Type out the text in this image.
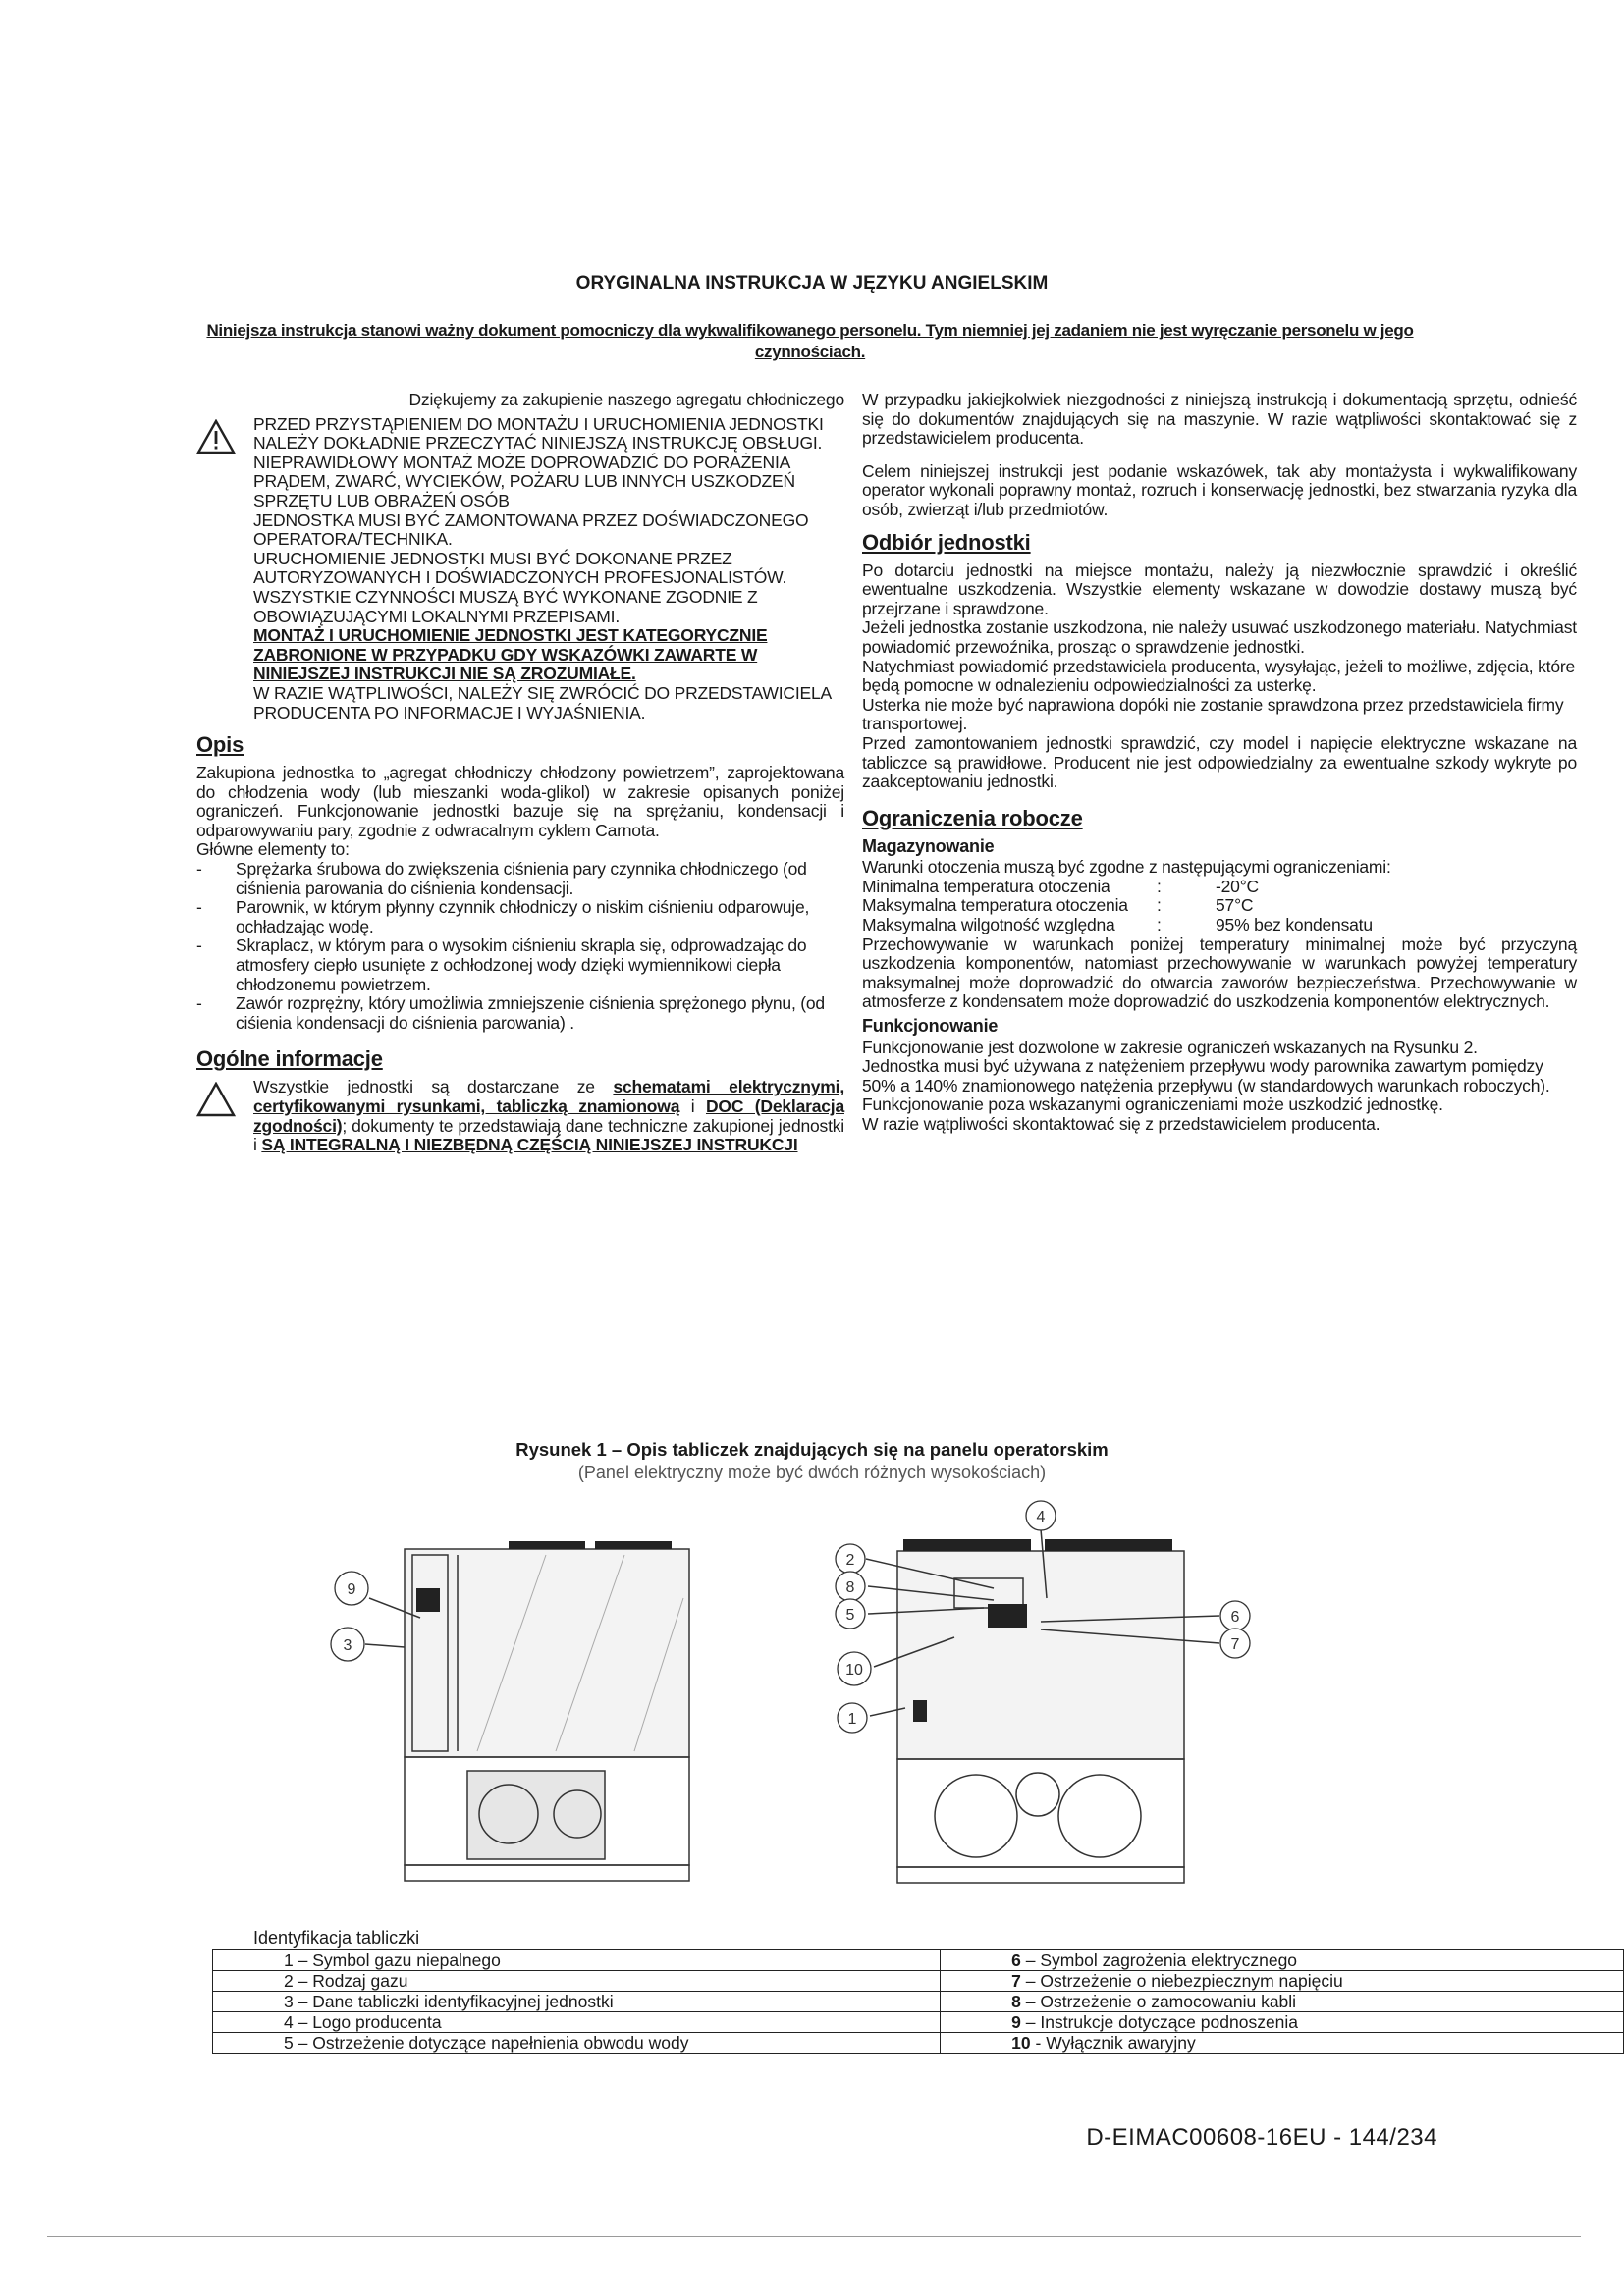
ORYGINALNA INSTRUKCJA W JĘZYKU ANGIELSKIM
Niniejsza instrukcja stanowi ważny dokument pomocniczy dla wykwalifikowanego personelu. Tym niemniej jej zadaniem nie jest wyręczanie personelu w jego czynnościach.

Dziękujemy za zakupienie naszego agregatu chłodniczego

PRZED PRZYSTĄPIENIEM DO MONTAŻU I URUCHOMIENIA JEDNOSTKI NALEŻY DOKŁADNIE PRZECZYTAĆ NINIEJSZĄ INSTRUKCJĘ OBSŁUGI.

NIEPRAWIDŁOWY MONTAŻ MOŻE DOPROWADZIĆ DO PORAŻENIA PRĄDEM, ZWARĆ, WYCIEKÓW, POŻARU LUB INNYCH USZKODZEŃ SPRZĘTU LUB OBRAŻEŃ OSÓB

JEDNOSTKA MUSI BYĆ ZAMONTOWANA PRZEZ DOŚWIADCZONEGO OPERATORA/TECHNIKA.

URUCHOMIENIE JEDNOSTKI MUSI BYĆ DOKONANE PRZEZ AUTORYZOWANYCH I DOŚWIADCZONYCH PROFESJONALISTÓW.

WSZYSTKIE CZYNNOŚCI MUSZĄ BYĆ WYKONANE ZGODNIE Z OBOWIĄZUJĄCYMI LOKALNYMI PRZEPISAMI.

MONTAŻ I URUCHOMIENIE JEDNOSTKI JEST KATEGORYCZNIE ZABRONIONE W PRZYPADKU GDY WSKAZÓWKI ZAWARTE W NINIEJSZEJ INSTRUKCJI NIE SĄ ZROZUMIAŁE.

W RAZIE WĄTPLIWOŚCI, NALEŻY SIĘ ZWRÓCIĆ DO PRZEDSTAWICIELA PRODUCENTA PO INFORMACJE I WYJAŚNIENIA.

Opis

Zakupiona jednostka to „agregat chłodniczy chłodzony powietrzem”, zaprojektowana do chłodzenia wody (lub mieszanki woda-glikol) w zakresie opisanych poniżej ograniczeń. Funkcjonowanie jednostki bazuje się na sprężaniu, kondensacji i odparowywaniu pary, zgodnie z odwracalnym cyklem Carnota.

Główne elementy to:

- Sprężarka śrubowa do zwiększenia ciśnienia pary czynnika chłodniczego (od ciśnienia parowania do ciśnienia kondensacji.
- Parownik, w którym płynny czynnik chłodniczy o niskim ciśnieniu odparowuje, ochładzając wodę.
- Skraplacz, w którym para o wysokim ciśnieniu skrapla się, odprowadzając do atmosfery ciepło usunięte z ochłodzonej wody dzięki wymiennikowi ciepła chłodzonemu powietrzem.
- Zawór rozprężny, który umożliwia zmniejszenie ciśnienia sprężonego płynu, (od ciśienia kondensacji do ciśnienia parowania) .
Ogólne informacje

Wszystkie jednostki są dostarczane ze schematami elektrycznymi, certyfikowanymi rysunkami, tabliczką znamionową i DOC (Deklaracja zgodności); dokumenty te przedstawiają dane techniczne zakupionej jednostki i SĄ INTEGRALNĄ I NIEZBĘDNĄ CZĘŚCIĄ NINIEJSZEJ INSTRUKCJI

W przypadku jakiejkolwiek niezgodności z niniejszą instrukcją i dokumentacją sprzętu, odnieść się do dokumentów znajdujących się na maszynie. W razie wątpliwości skontaktować się z przedstawicielem producenta.

Celem niniejszej instrukcji jest podanie wskazówek, tak aby montażysta i wykwalifikowany operator wykonali poprawny montaż, rozruch i konserwację jednostki, bez stwarzania ryzyka dla osób, zwierząt i/lub przedmiotów.

Odbiór jednostki

Po dotarciu jednostki na miejsce montażu, należy ją niezwłocznie sprawdzić i określić ewentualne uszkodzenia. Wszystkie elementy wskazane w dowodzie dostawy muszą być przejrzane i sprawdzone.

Jeżeli jednostka zostanie uszkodzona, nie należy usuwać uszkodzonego materiału. Natychmiast powiadomić przewoźnika, prosząc o sprawdzenie jednostki.

Natychmiast powiadomić przedstawiciela producenta, wysyłając, jeżeli to możliwe, zdjęcia, które będą pomocne w odnalezieniu odpowiedzialności za usterkę.

Usterka nie może być naprawiona dopóki nie zostanie sprawdzona przez przedstawiciela firmy transportowej.

Przed zamontowaniem jednostki sprawdzić, czy model i napięcie elektryczne wskazane na tabliczce są prawidłowe. Producent nie jest odpowiedzialny za ewentualne szkody wykryte po zaakceptowaniu jednostki.

Ograniczenia robocze
Magazynowanie

Warunki otoczenia muszą być zgodne z następującymi ograniczeniami:

Minimalna temperatura otoczenia	:	-20°C
Maksymalna temperatura otoczenia	:	57°C
Maksymalna wilgotność względna	:	95% bez kondensatu

Przechowywanie w warunkach poniżej temperatury minimalnej może być przyczyną uszkodzenia komponentów, natomiast przechowywanie w warunkach powyżej temperatury maksymalnej może doprowadzić do otwarcia zaworów bezpieczeństwa. Przechowywanie w atmosferze z kondensatem może doprowadzić do uszkodzenia komponentów elektrycznych.

Funkcjonowanie

Funkcjonowanie jest dozwolone w zakresie ograniczeń wskazanych na Rysunku 2.

Jednostka musi być używana z natężeniem przepływu wody parownika zawartym pomiędzy 50% a 140% znamionowego natężenia przepływu (w standardowych warunkach roboczych).

Funkcjonowanie poza wskazanymi ograniczeniami może uszkodzić jednostkę.

W razie wątpliwości skontaktować się z przedstawicielem producenta.

Rysunek 1 – Opis tabliczek znajdujących się na panelu operatorskim
(Panel elektryczny może być dwóch różnych wysokościach)
9
3
4
2
8
5
10
1
6
7
Identyfikacja tabliczki
1 – Symbol gazu niepalnego	6 – Symbol zagrożenia elektrycznego
2 – Rodzaj gazu	7 – Ostrzeżenie o niebezpiecznym napięciu
3 – Dane tabliczki identyfikacyjnej jednostki	8 – Ostrzeżenie o zamocowaniu kabli
4 – Logo producenta	9 – Instrukcje dotyczące podnoszenia
5 – Ostrzeżenie dotyczące napełnienia obwodu wody	10 - Wyłącznik awaryjny
D-EIMAC00608-16EU - 144/234
